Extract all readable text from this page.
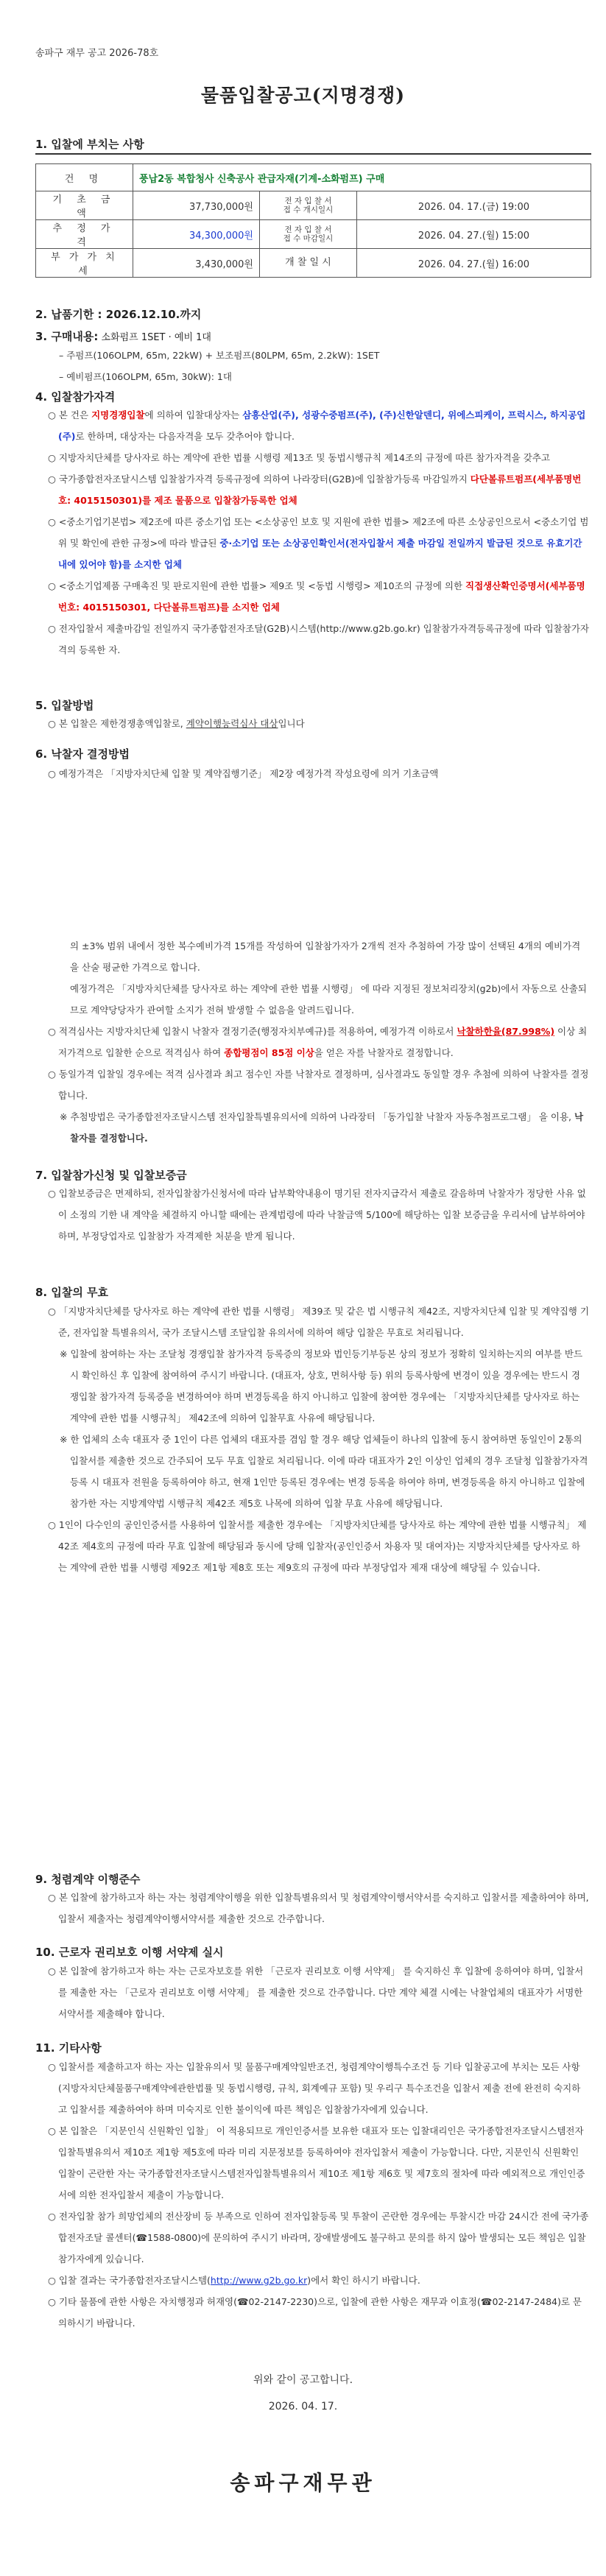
송파구 재무 공고 2026-78호
물품입찰공고(지명경쟁)
1. 입찰에 부치는 사항
건 명	풍납2동 복합청사 신축공사 관급자재(기계-소화펌프) 구매		
기 초 금 액	37,730,000원	전 자 입 찰 서
접 수 개시일시	2026. 04. 17.(금) 19:00
추 정 가 격	34,300,000원	전 자 입 찰 서
접 수 마감일시	2026. 04. 27.(월) 15:00
부 가 가 치 세	3,430,000원	개 찰 일 시	2026. 04. 27.(월) 16:00
2. 납품기한 : 2026.12.10.까지
3. 구매내용: 소화펌프 1SET · 예비 1대

– 주펌프(106OLPM, 65m, 22kW) + 보조펌프(80LPM, 65m, 2.2kW): 1SET

– 예비펌프(106OLPM, 65m, 30kW): 1대

4. 입찰참가자격

○ 본 건은 지명경쟁입찰에 의하여 입찰대상자는 삼흥산업(주), 성광수중펌프(주), (주)신한알덴디, 위에스피케이, 프럭시스, 하지공업(주)로 한하며, 대상자는 다음자격을 모두 갖추어야 합니다.

○ 지방자치단체를 당사자로 하는 계약에 관한 법률 시행령 제13조 및 동법시행규칙 제14조의 규정에 따른 참가자격을 갖추고

○ 국가종합전자조달시스템 입찰참가자격 등록규정에 의하여 나라장터(G2B)에 입찰참가등록 마감일까지 다단볼류트펌프(세부품명번호: 4015150301)를 제조 물품으로 입찰참가등록한 업체

○ <중소기업기본법> 제2조에 따른 중소기업 또는 <소상공인 보호 및 지원에 관한 법률> 제2조에 따른 소상공인으로서 <중소기업 범위 및 확인에 관한 규정>에 따라 발급된 중·소기업 또는 소상공인확인서(전자입찰서 제출 마감일 전일까지 발급된 것으로 유효기간 내에 있어야 함)를 소지한 업체

○ <중소기업제품 구매촉진 및 판로지원에 관한 법률> 제9조 및 <동법 시행령> 제10조의 규정에 의한 직접생산확인증명서(세부품명번호: 4015150301, 다단볼류트펌프)를 소지한 업체

○ 전자입찰서 제출마감일 전일까지 국가종합전자조달(G2B)시스템(http://www.g2b.go.kr) 입찰참가자격등록규정에 따라 입찰참가자격의 등록한 자.

5. 입찰방법

○ 본 입찰은 제한경쟁총액입찰로, 계약이행능력심사 대상입니다

6. 낙찰자 결정방법

○ 예정가격은 「지방자치단체 입찰 및 계약집행기준」 제2장 예정가격 작성요령에 의거 기초금액

의 ±3% 범위 내에서 정한 복수예비가격 15개를 작성하여 입찰참가자가 2개씩 전자 추첨하여 가장 많이 선택된 4개의 예비가격을 산술 평균한 가격으로 합니다.

예정가격은 「지방자치단체를 당사자로 하는 계약에 관한 법률 시행령」 에 따라 지정된 정보처리장치(g2b)에서 자동으로 산출되므로 계약당당자가 관여할 소지가 전혀 발생할 수 없음을 알려드립니다.

○ 적격심사는 지방자치단체 입찰시 낙찰자 결정기준(행정자치부예규)를 적용하여, 예정가격 이하로서 낙찰하한율(87.998%) 이상 최저가격으로 입찰한 순으로 적격심사 하여 종합평점이 85점 이상을 얻은 자를 낙찰자로 결정합니다.

○ 동일가격 입찰일 경우에는 적격 심사결과 최고 점수인 자를 낙찰자로 결정하며, 심사결과도 동일할 경우 추첨에 의하여 낙찰자를 결정합니다.

※ 추첨방법은 국가종합전자조달시스템 전자입찰특별유의서에 의하여 나라장터 「동가입찰 낙찰자 자동추첨프로그램」 을 이용, 낙찰자를 결정합니다.

7. 입찰참가신청 및 입찰보증금

○ 입찰보증금은 면제하되, 전자입찰참가신청서에 따라 납부확약내용이 명기된 전자지급각서 제출로 갈음하며 낙찰자가 정당한 사유 없이 소정의 기한 내 계약을 체결하지 아니할 때에는 관계법령에 따라 낙찰금액 5/100에 해당하는 입찰 보증금을 우리서에 납부하여야 하며, 부정당업자로 입찰참가 자격제한 처분을 받게 됩니다.

8. 입찰의 무효

○ 「지방자치단체를 당사자로 하는 계약에 관한 법률 시행령」 제39조 및 같은 법 시행규칙 제42조, 지방자치단체 입찰 및 계약집행 기준, 전자입찰 특별유의서, 국가 조달시스템 조달입찰 유의서에 의하여 해당 입찰은 무효로 처리됩니다.

※ 입찰에 참여하는 자는 조달청 경쟁입찰 참가자격 등록증의 정보와 법인등기부등본 상의 정보가 정확히 일치하는지의 여부를 반드시 확인하신 후 입찰에 참여하여 주시기 바랍니다. (대표자, 상호, 면허사항 등) 위의 등록사항에 변경이 있을 경우에는 반드시 경쟁입찰 참가자격 등록증을 변경하여야 하며 변경등록을 하지 아니하고 입찰에 참여한 경우에는 「지방자치단체를 당사자로 하는 계약에 관한 법률 시행규칙」 제42조에 의하여 입찰무효 사유에 해당됩니다.

※ 한 업체의 소속 대표자 중 1인이 다른 업체의 대표자를 겸임 할 경우 해당 업체들이 하나의 입찰에 동시 참여하면 동일인이 2통의 입찰서를 제출한 것으로 간주되어 모두 무효 입찰로 처리됩니다. 이에 따라 대표자가 2인 이상인 업체의 경우 조달청 입찰참가자격 등록 시 대표자 전원을 등록하여야 하고, 현재 1인만 등록된 경우에는 변경 등록을 하여야 하며, 변경등록을 하지 아니하고 입찰에 참가한 자는 지방계약법 시행규칙 제42조 제5호 나목에 의하여 입찰 무효 사유에 해당됩니다.

○ 1인이 다수인의 공인인증서를 사용하여 입찰서를 제출한 경우에는 「지방자치단체를 당사자로 하는 계약에 관한 법률 시행규칙」 제42조 제4호의 규정에 따라 무효 입찰에 해당됨과 동시에 당해 입찰자(공인인증서 차용자 및 대여자)는 지방자치단체를 당사자로 하는 계약에 관한 법률 시행령 제92조 제1항 제8호 또는 제9호의 규정에 따라 부정당업자 제재 대상에 해당될 수 있습니다.

9. 청렴계약 이행준수

○ 본 입찰에 참가하고자 하는 자는 청렴계약이행을 위한 입찰특별유의서 및 청렴계약이행서약서를 숙지하고 입찰서를 제출하여야 하며, 입찰서 제출자는 청렴계약이행서약서를 제출한 것으로 간주합니다.

10. 근로자 권리보호 이행 서약제 실시

○ 본 입찰에 참가하고자 하는 자는 근로자보호를 위한 「근로자 권리보호 이행 서약제」 를 숙지하신 후 입찰에 응하여야 하며, 입찰서를 제출한 자는 「근로자 권리보호 이행 서약제」 를 제출한 것으로 간주합니다. 다만 계약 체결 시에는 낙찰업체의 대표자가 서명한 서약서를 제출해야 합니다.

11. 기타사항

○ 입찰서를 제출하고자 하는 자는 입찰유의서 및 물품구매계약일반조건, 청렴계약이행특수조건 등 기타 입찰공고에 부치는 모든 사항(지방자치단체물품구매계약에관한법률 및 동법시행령, 규칙, 회계예규 포함) 및 우리구 특수조건을 입찰서 제출 전에 완전히 숙지하고 입찰서를 제출하여야 하며 미숙지로 인한 불이익에 따른 책임은 입찰참가자에게 있습니다.

○ 본 입찰은 「지문인식 신원확인 입찰」 이 적용되므로 개인인증서를 보유한 대표자 또는 입찰대리인은 국가종합전자조달시스템전자입찰특별유의서 제10조 제1항 제5호에 따라 미리 지문정보를 등록하여야 전자입찰서 제출이 가능합니다. 다만, 지문인식 신원확인 입찰이 곤란한 자는 국가종합전자조달시스템전자입찰특별유의서 제10조 제1항 제6호 및 제7호의 절차에 따라 예외적으로 개인인증서에 의한 전자입찰서 제출이 가능합니다.

○ 전자입찰 참가 희망업체의 전산장비 등 부족으로 인하여 전자입찰등록 및 투찰이 곤란한 경우에는 투찰시간 마감 24시간 전에 국가종합전자조달 콜센터(☎1588-0800)에 문의하여 주시기 바라며, 장애발생에도 불구하고 문의를 하지 않아 발생되는 모든 책임은 입찰참가자에게 있습니다.

○ 입찰 결과는 국가종합전자조달시스템(http://www.g2b.go.kr)에서 확인 하시기 바랍니다.

○ 기타 물품에 관한 사항은 자치행정과 허재영(☎02-2147-2230)으로, 입찰에 관한 사항은 재무과 이효정(☎02-2147-2484)로 문의하시기 바랍니다.

위와 같이 공고합니다.
2026. 04. 17.
송파구재무관
